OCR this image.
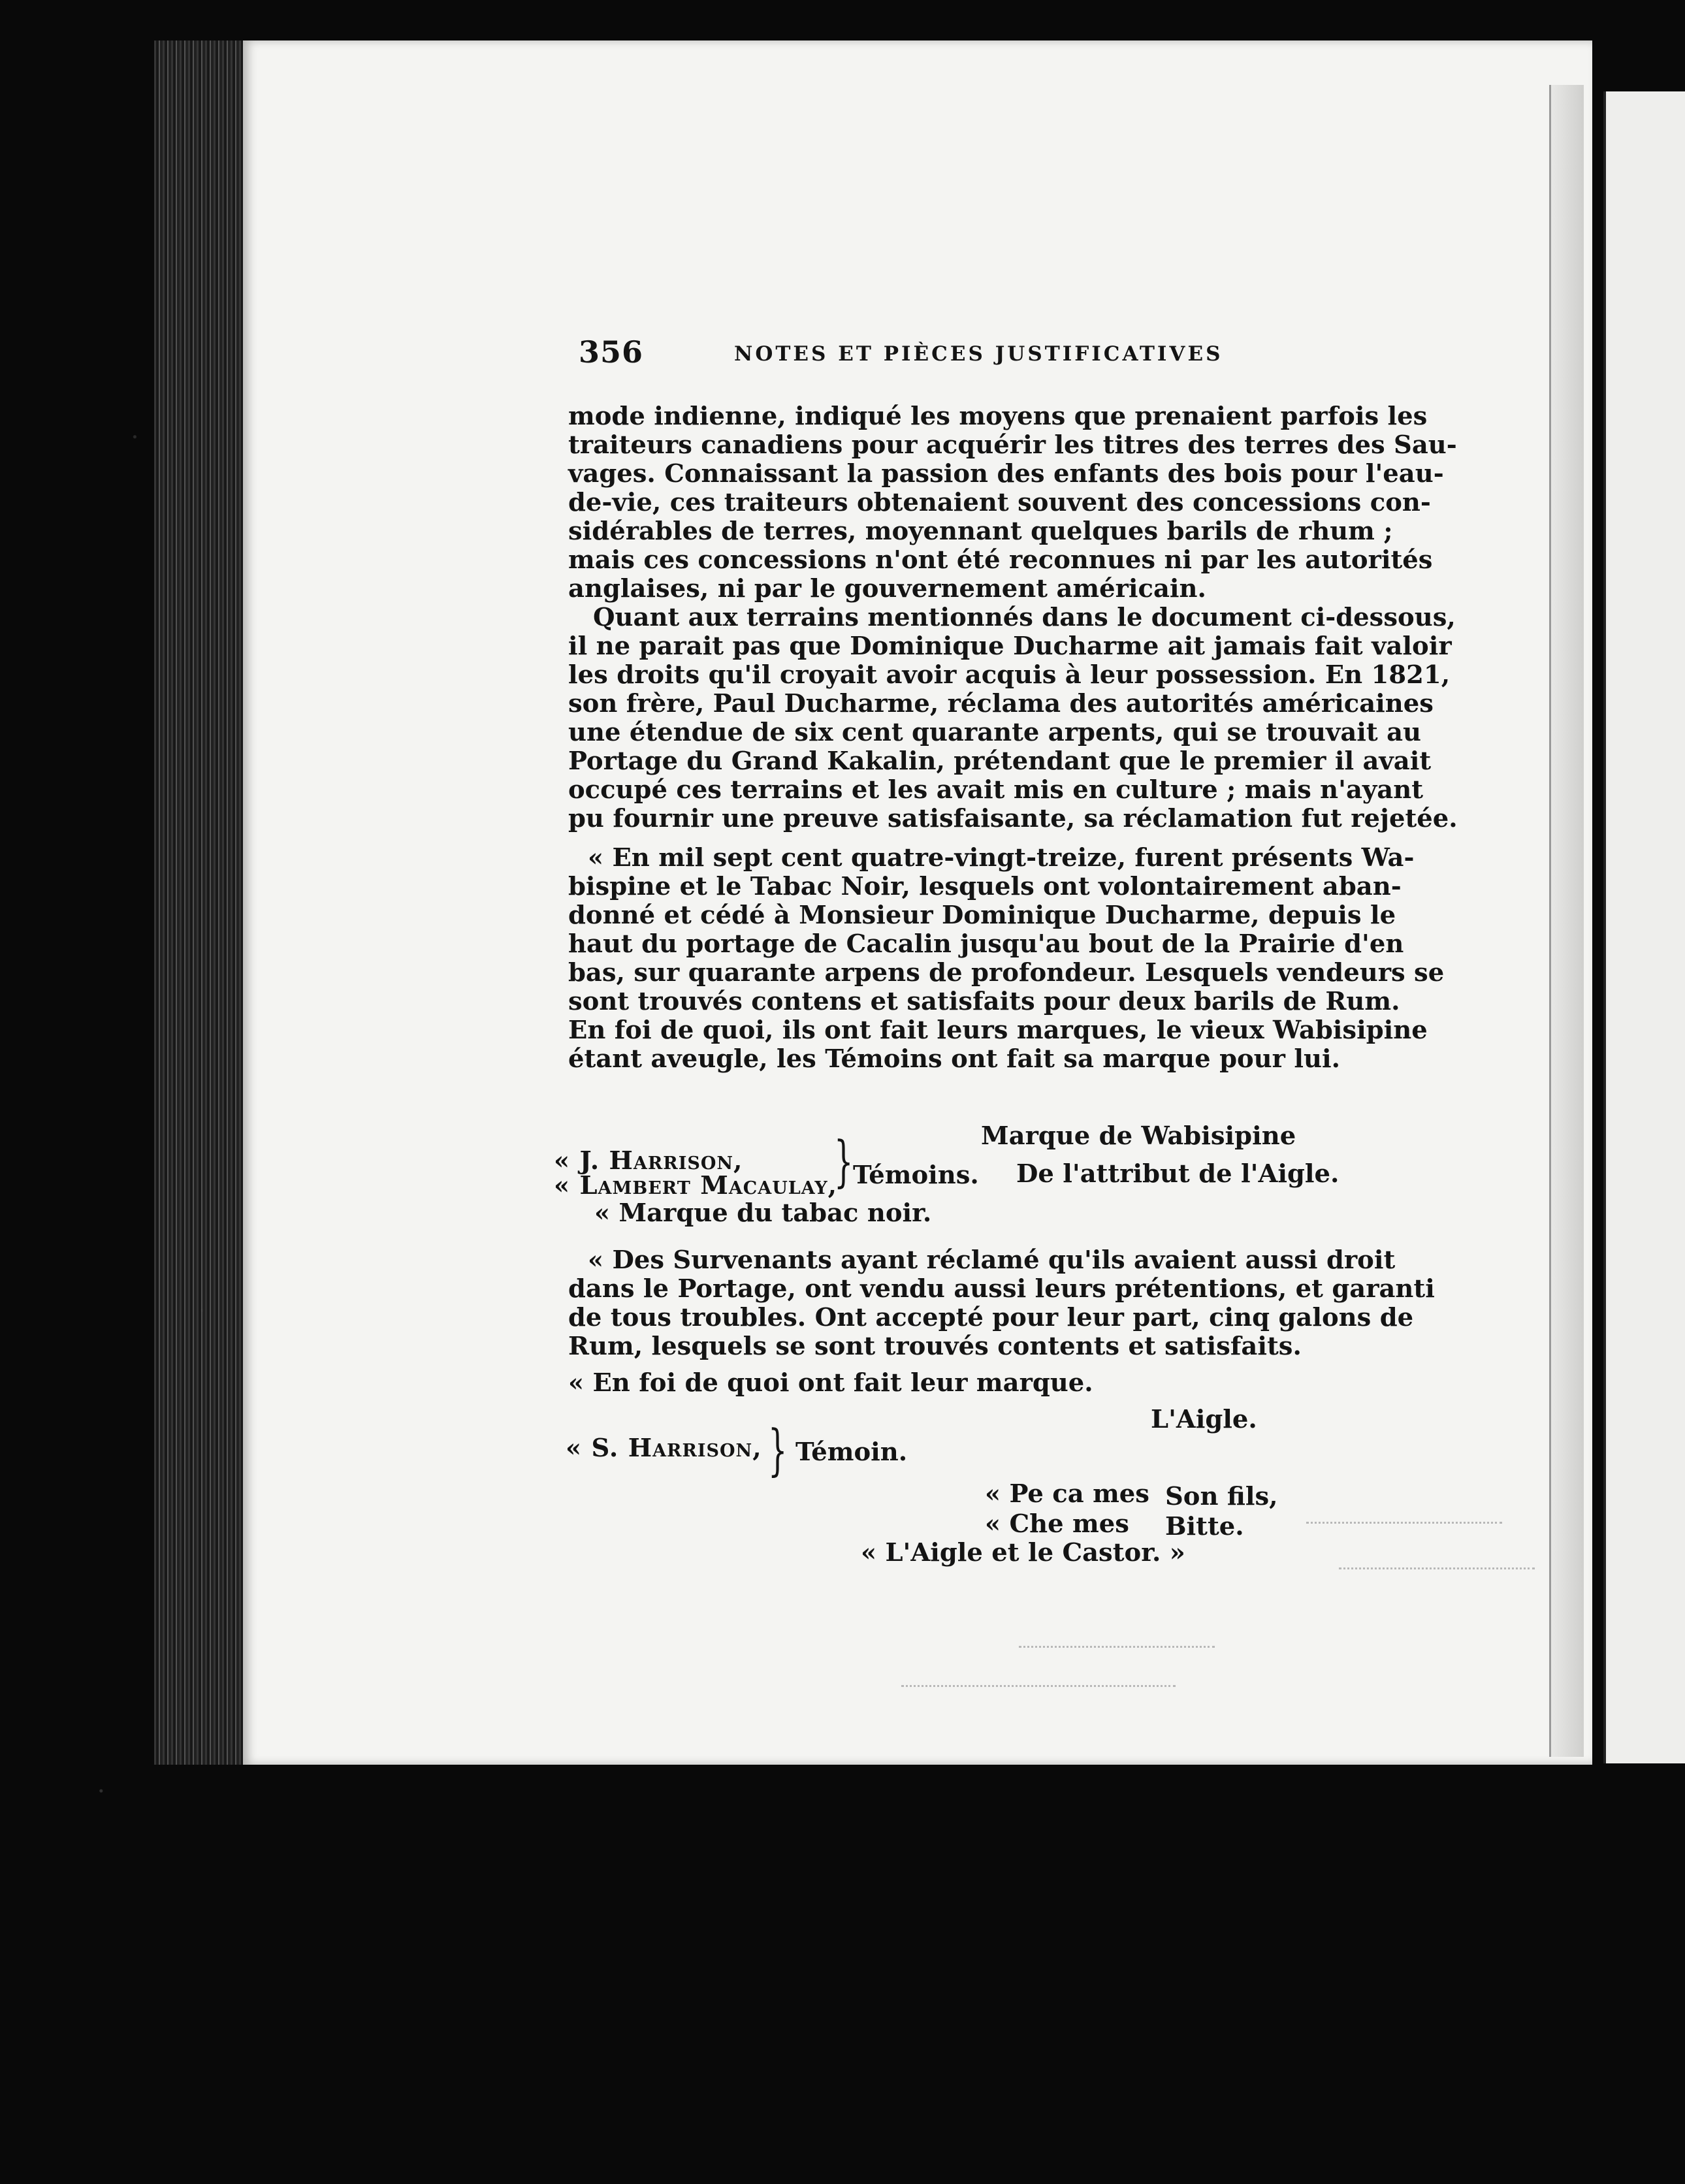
356	NOTES ET PIÈCES JUSTIFICATIVES
mode indienne, indiqué les moyens que prenaient parfois les
traiteurs canadiens pour acquérir les titres des terres des Sau-
vages. Connaissant la passion des enfants des bois pour l'eau-
de-vie, ces traiteurs obtenaient souvent des concessions con-
sidérables de terres, moyennant quelques barils de rhum ;
mais ces concessions n'ont été reconnues ni par les autorités
anglaises, ni par le gouvernement américain.
Quant aux terrains mentionnés dans le document ci-dessous,
il ne parait pas que Dominique Ducharme ait jamais fait valoir
les droits qu'il croyait avoir acquis à leur possession. En 1821,
son frère, Paul Ducharme, réclama des autorités américaines
une étendue de six cent quarante arpents, qui se trouvait au
Portage du Grand Kakalin, prétendant que le premier il avait
occupé ces terrains et les avait mis en culture ; mais n'ayant
pu fournir une preuve satisfaisante, sa réclamation fut rejetée.
« En mil sept cent quatre-vingt-treize, furent présents Wa-
bispine et le Tabac Noir, lesquels ont volontairement aban-
donné et cédé à Monsieur Dominique Ducharme, depuis le
haut du portage de Cacalin jusqu'au bout de la Prairie d'en
bas, sur quarante arpens de profondeur. Lesquels vendeurs se
sont trouvés contens et satisfaits pour deux barils de Rum.
En foi de quoi, ils ont fait leurs marques, le vieux Wabisipine
étant aveugle, les Témoins ont fait sa marque pour lui.
Marque de Wabisipine
« J. Harrison,
« Lambert Macaulay,
} Témoins. De l'attribut de l'Aigle.
« Marque du tabac noir.
« Des Survenants ayant réclamé qu'ils avaient aussi droit
dans le Portage, ont vendu aussi leurs prétentions, et garanti
de tous troubles. Ont accepté pour leur part, cinq galons de
Rum, lesquels se sont trouvés contents et satisfaits.
« En foi de quoi ont fait leur marque.
L'Aigle.
« S. Harrison, } Témoin.
« Pe ca mes Son fils,
« Che mes Bitte.
« L'Aigle et le Castor. »
